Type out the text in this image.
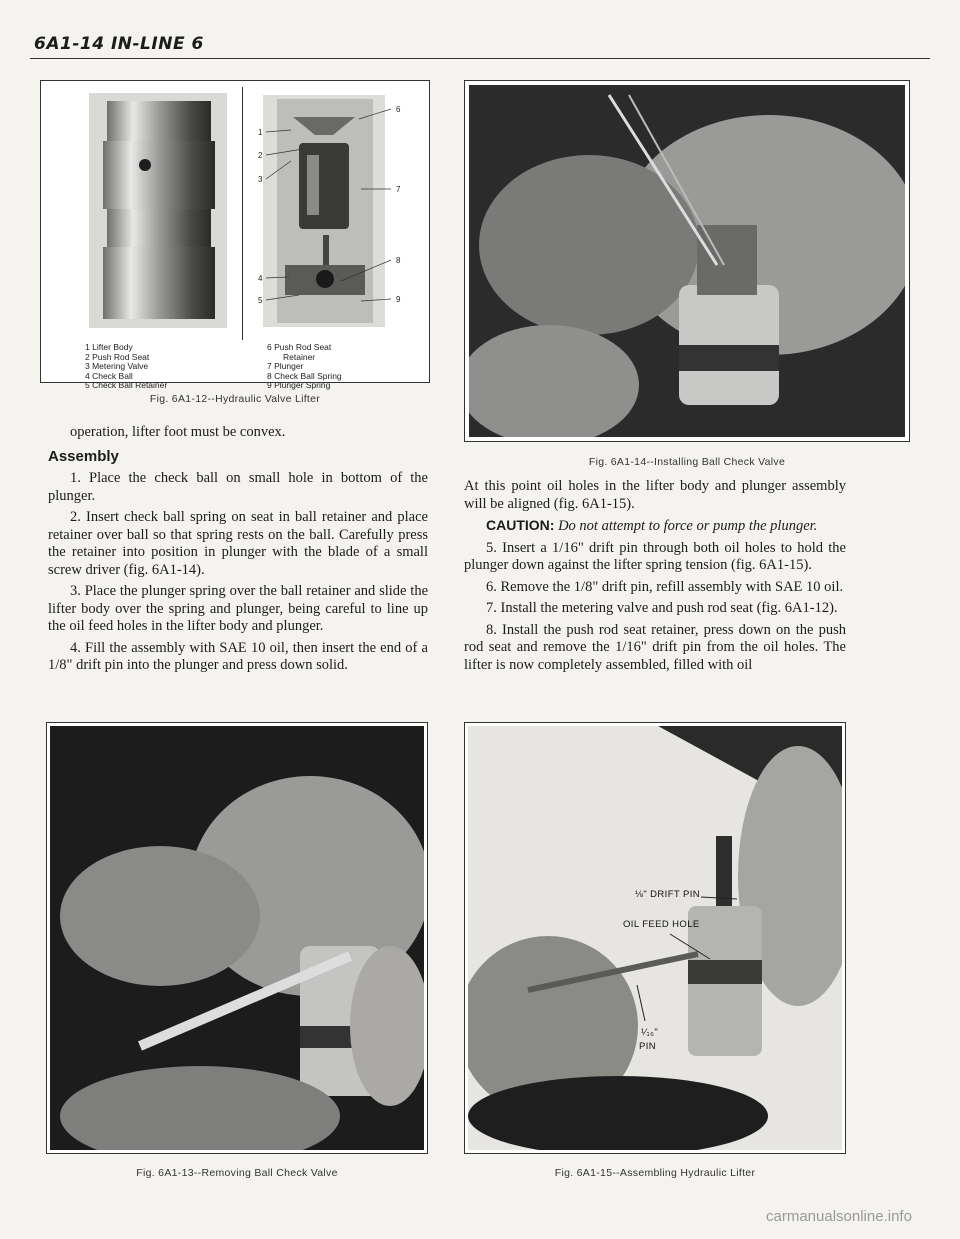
6A1-14 IN-LINE 6
1
2
3
4
5
6
7
8
9
1 Lifter Body
2 Push Rod Seat
3 Metering Valve
4 Check Ball
5 Check Ball Retainer
6 Push Rod Seat
Retainer
7 Plunger
8 Check Ball Spring
9 Plunger Spring
Fig. 6A1-12--Hydraulic Valve Lifter
Fig. 6A1-14--Installing Ball Check Valve

operation, lifter foot must be convex.

Assembly

1. Place the check ball on small hole in bottom of the plunger.

2. Insert check ball spring on seat in ball retainer and place retainer over ball so that spring rests on the ball. Carefully press the retainer into position in plunger with the blade of a small screw driver (fig. 6A1-14).

3. Place the plunger spring over the ball retainer and slide the lifter body over the spring and plunger, being careful to line up the oil feed holes in the lifter body and plunger.

4. Fill the assembly with SAE 10 oil, then insert the end of a 1/8" drift pin into the plunger and press down solid.

At this point oil holes in the lifter body and plunger assembly will be aligned (fig. 6A1-15).

CAUTION: Do not attempt to force or pump the plunger.

5. Insert a 1/16" drift pin through both oil holes to hold the plunger down against the lifter spring tension (fig. 6A1-15).

6. Remove the 1/8" drift pin, refill assembly with SAE 10 oil.

7. Install the metering valve and push rod seat (fig. 6A1-12).

8. Install the push rod seat retainer, press down on the push rod seat and remove the 1/16" drift pin from the oil holes. The lifter is now completely assembled, filled with oil

Fig. 6A1-13--Removing Ball Check Valve
⅛" DRIFT PIN
OIL FEED HOLE
¹⁄₁₆"
PIN
Fig. 6A1-15--Assembling Hydraulic Lifter
carmanualsonline.info
